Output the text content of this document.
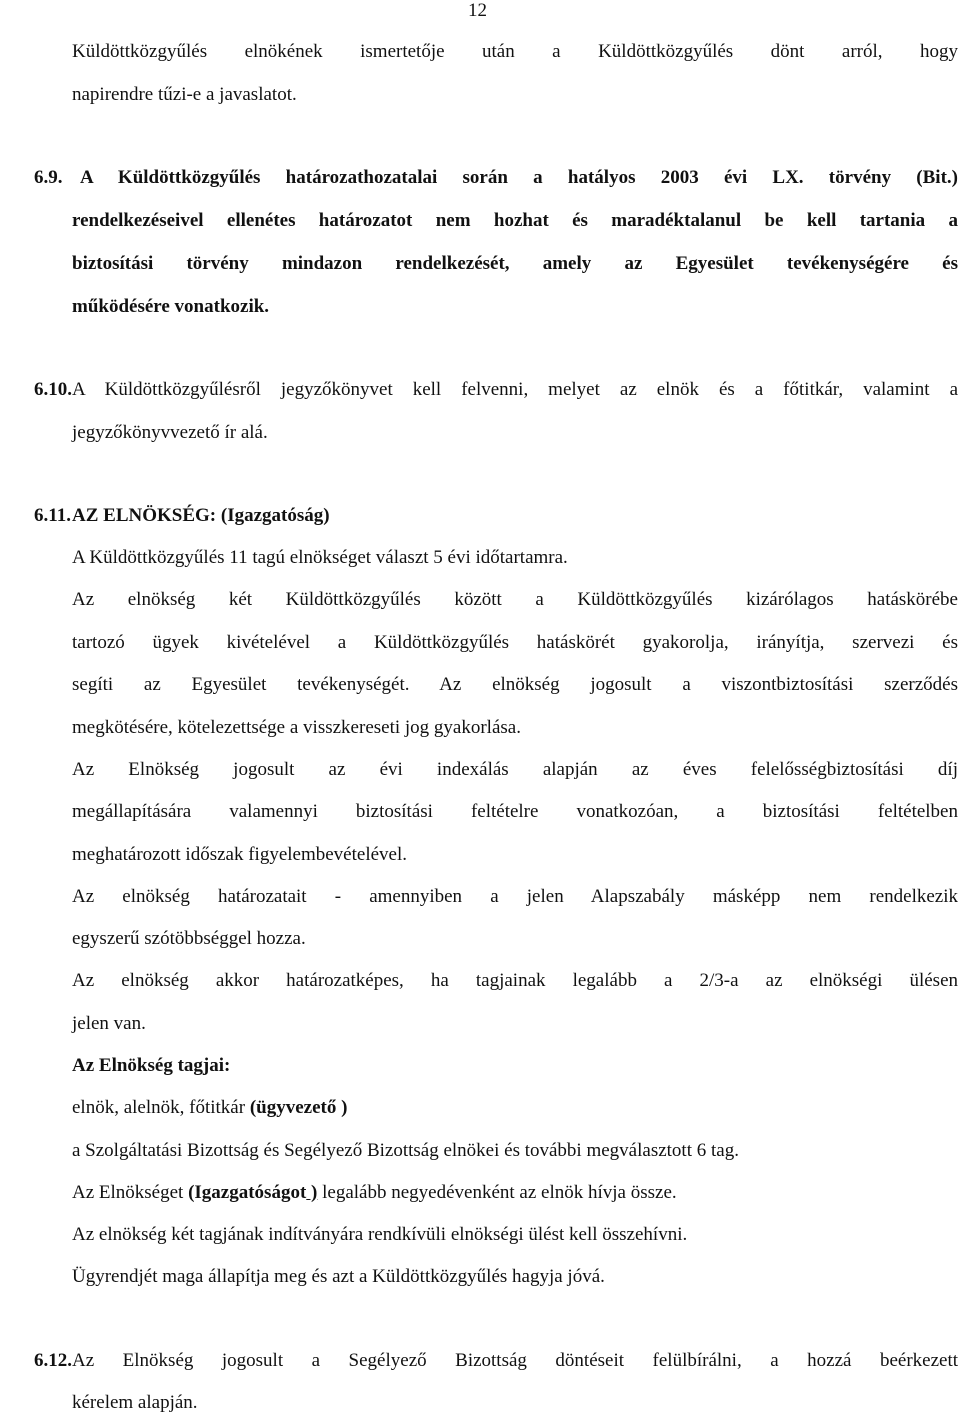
12
Küldöttközgyűlés elnökének ismertetője után a Küldöttközgyűlés dönt arról, hogy
napirendre tűzi-e a javaslatot.
6.9. A Küldöttközgyűlés határozathozatalai során a hatályos 2003 évi LX. törvény (Bit.)
rendelkezéseivel ellenétes határozatot nem hozhat és maradéktalanul be kell tartania a
biztosítási törvény mindazon rendelkezését, amely az Egyesület tevékenységére és
működésére vonatkozik.
6.10. A Küldöttközgyűlésről jegyzőkönyvet kell felvenni, melyet az elnök és a főtitkár, valamint a
jegyzőkönyvvezető ír alá.
6.11. AZ ELNÖKSÉG: (Igazgatóság)
A Küldöttközgyűlés 11 tagú elnökséget választ 5 évi időtartamra.
Az elnökség két Küldöttközgyűlés között a Küldöttközgyűlés kizárólagos hatáskörébe
tartozó ügyek kivételével a Küldöttközgyűlés hatáskörét gyakorolja, irányítja, szervezi és
segíti az Egyesület tevékenységét. Az elnökség jogosult a viszontbiztosítási szerződés
megkötésére, kötelezettsége a visszkereseti jog gyakorlása.
Az Elnökség jogosult az évi indexálás alapján az éves felelősségbiztosítási díj
megállapítására valamennyi biztosítási feltételre vonatkozóan, a biztosítási feltételben
meghatározott időszak figyelembevételével.
Az elnökség határozatait - amennyiben a jelen Alapszabály másképp nem rendelkezik
egyszerű szótöbbséggel hozza.
Az elnökség akkor határozatképes, ha tagjainak legalább a 2/3-a az elnökségi ülésen
jelen van.
Az Elnökség tagjai:
elnök, alelnök, főtitkár (ügyvezető )
a Szolgáltatási Bizottság és Segélyező Bizottság elnökei és további megválasztott 6 tag.
Az Elnökséget (Igazgatóságot ) legalább negyedévenként az elnök hívja össze.
Az elnökség két tagjának indítványára rendkívüli elnökségi ülést kell összehívni.
Ügyrendjét maga állapítja meg és azt a Küldöttközgyűlés hagyja jóvá.
6.12. Az Elnökség jogosult a Segélyező Bizottság döntéseit felülbírálni, a hozzá beérkezett
kérelem alapján.
